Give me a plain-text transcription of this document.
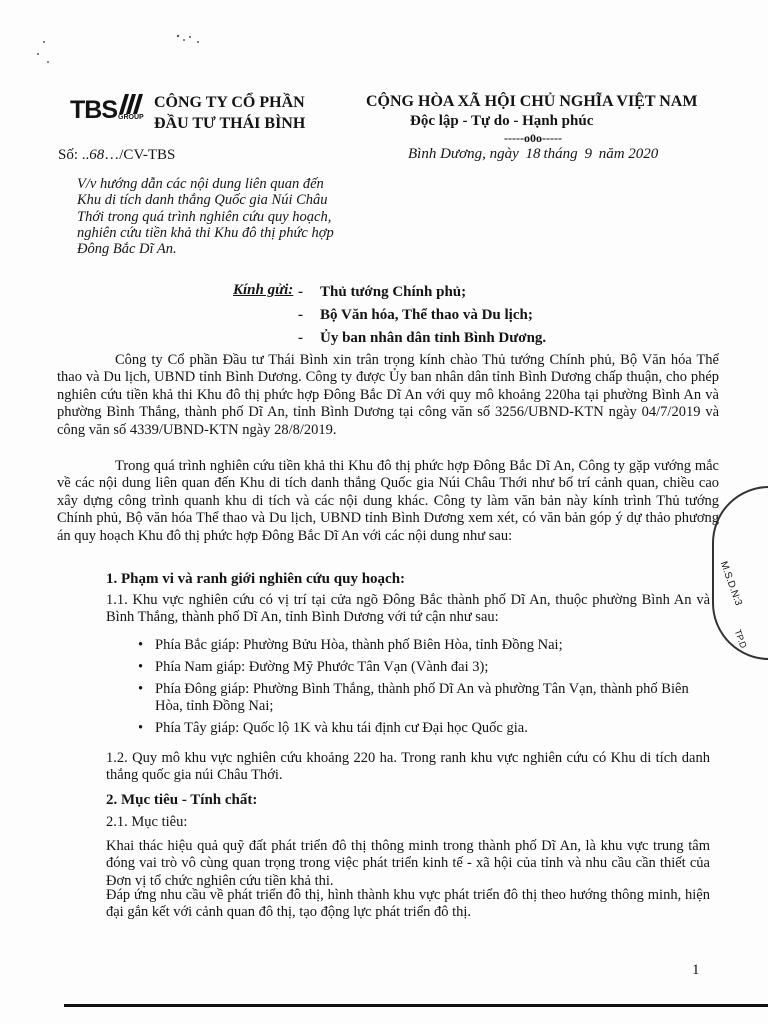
TBS GROUP
CÔNG TY CỔ PHẦN
ĐẦU TƯ THÁI BÌNH
CỘNG HÒA XÃ HỘI CHỦ NGHĨA VIỆT NAM
Độc lập - Tự do - Hạnh phúc
-----o0o-----
Bình Dương, ngày 18 tháng 9 năm 2020
Số: ..68…/CV-TBS
V/v hướng dẫn các nội dung liên quan đến Khu di tích danh thắng Quốc gia Núi Châu Thới trong quá trình nghiên cứu quy hoạch, nghiên cứu tiền khả thi Khu đô thị phức hợp Đông Bắc Dĩ An.
Kính gửi: - Thủ tướng Chính phủ;
- Bộ Văn hóa, Thể thao và Du lịch;
- Ủy ban nhân dân tỉnh Bình Dương.

Công ty Cổ phần Đầu tư Thái Bình xin trân trọng kính chào Thủ tướng Chính phủ, Bộ Văn hóa Thể thao và Du lịch, UBND tỉnh Bình Dương. Công ty được Ủy ban nhân dân tỉnh Bình Dương chấp thuận, cho phép nghiên cứu tiền khả thi Khu đô thị phức hợp Đông Bắc Dĩ An với quy mô khoảng 220ha tại phường Bình An và phường Bình Thắng, thành phố Dĩ An, tỉnh Bình Dương tại công văn số 3256/UBND-KTN ngày 04/7/2019 và công văn số 4339/UBND-KTN ngày 28/8/2019.

Trong quá trình nghiên cứu tiền khả thi Khu đô thị phức hợp Đông Bắc Dĩ An, Công ty gặp vướng mắc về các nội dung liên quan đến Khu di tích danh thắng Quốc gia Núi Châu Thới như bố trí cảnh quan, chiều cao xây dựng công trình quanh khu di tích và các nội dung khác. Công ty làm văn bản này kính trình Thủ tướng Chính phủ, Bộ văn hóa Thể thao và Du lịch, UBND tỉnh Bình Dương xem xét, có văn bản góp ý dự thảo phương án quy hoạch Khu đô thị phức hợp Đông Bắc Dĩ An với các nội dung như sau:

1. Phạm vi và ranh giới nghiên cứu quy hoạch:
1.1. Khu vực nghiên cứu có vị trí tại cửa ngõ Đông Bắc thành phố Dĩ An, thuộc phường Bình An và Bình Thắng, thành phố Dĩ An, tỉnh Bình Dương với tứ cận như sau:
• Phía Bắc giáp: Phường Bửu Hòa, thành phố Biên Hòa, tỉnh Đồng Nai;
• Phía Nam giáp: Đường Mỹ Phước Tân Vạn (Vành đai 3);
• Phía Đông giáp: Phường Bình Thắng, thành phố Dĩ An và phường Tân Vạn, thành phố Biên Hòa, tỉnh Đồng Nai;
• Phía Tây giáp: Quốc lộ 1K và khu tái định cư Đại học Quốc gia.
1.2. Quy mô khu vực nghiên cứu khoảng 220 ha. Trong ranh khu vực nghiên cứu có Khu di tích danh thắng quốc gia núi Châu Thới.
2. Mục tiêu - Tính chất:
2.1. Mục tiêu:
Khai thác hiệu quả quỹ đất phát triển đô thị thông minh trong thành phố Dĩ An, là khu vực trung tâm đóng vai trò vô cùng quan trọng trong việc phát triển kinh tế - xã hội của tỉnh và nhu cầu cần thiết của Đơn vị tổ chức nghiên cứu tiền khả thi.
Đáp ứng nhu cầu về phát triển đô thị, hình thành khu vực phát triển đô thị theo hướng thông minh, hiện đại gắn kết với cảnh quan đô thị, tạo động lực phát triển đô thị.
M.S.D.N:3
TP.D
1
